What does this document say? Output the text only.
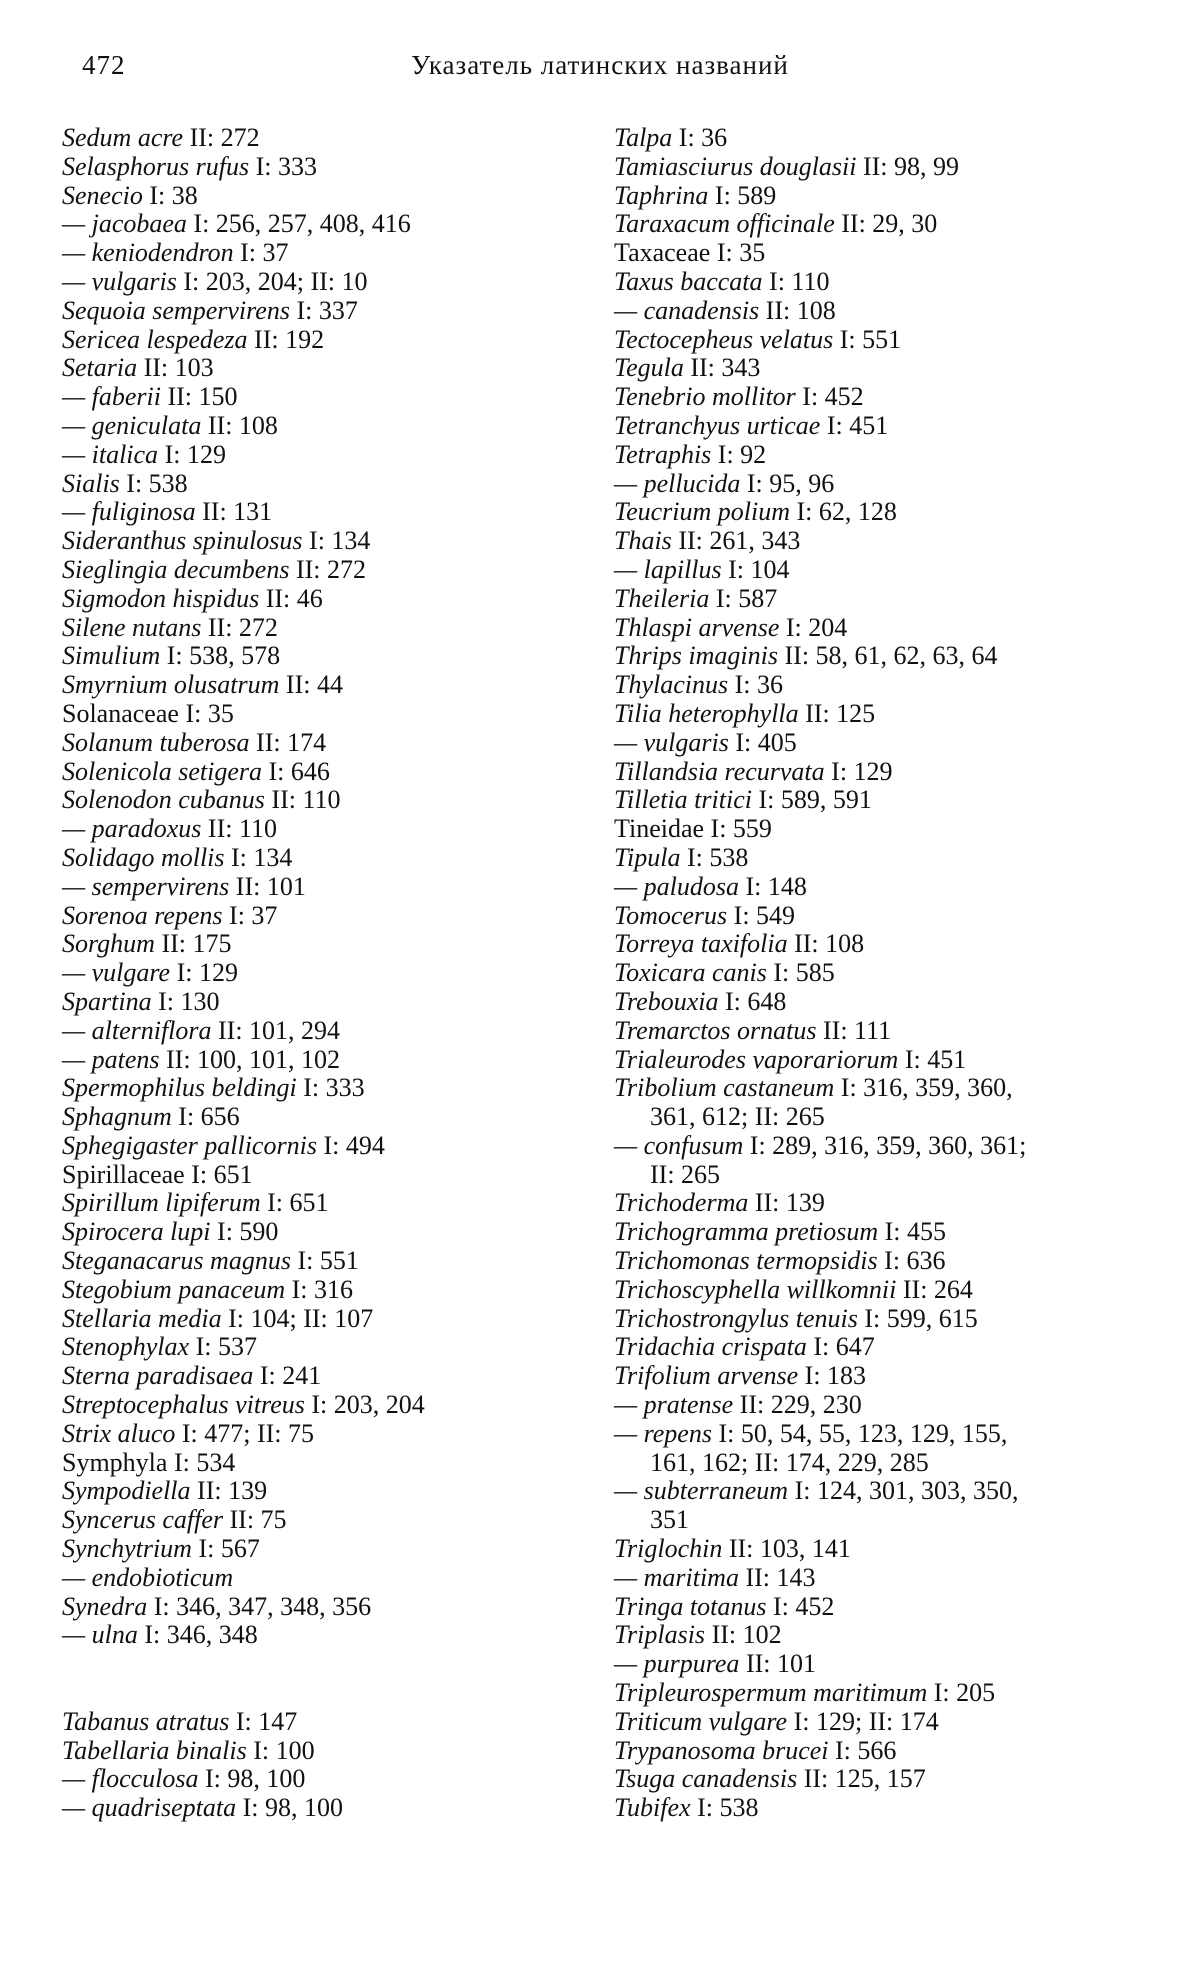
472	Указатель латинских названий
Sedum acre II: 272
Selasphorus rufus I: 333
Senecio I: 38
— jacobaea I: 256, 257, 408, 416
— keniodendron I: 37
— vulgaris I: 203, 204; II: 10
Sequoia sempervirens I: 337
Sericea lespedeza II: 192
Setaria II: 103
— faberii II: 150
— geniculata II: 108
— italica I: 129
Sialis I: 538
— fuliginosa II: 131
Sideranthus spinulosus I: 134
Sieglingia decumbens II: 272
Sigmodon hispidus II: 46
Silene nutans II: 272
Simulium I: 538, 578
Smyrnium olusatrum II: 44
Solanaceae I: 35
Solanum tuberosa II: 174
Solenicola setigera I: 646
Solenodon cubanus II: 110
— paradoxus II: 110
Solidago mollis I: 134
— sempervirens II: 101
Sorenoa repens I: 37
Sorghum II: 175
— vulgare I: 129
Spartina I: 130
— alterniflora II: 101, 294
— patens II: 100, 101, 102
Spermophilus beldingi I: 333
Sphagnum I: 656
Sphegigaster pallicornis I: 494
Spirillaceae I: 651
Spirillum lipiferum I: 651
Spirocera lupi I: 590
Steganacarus magnus I: 551
Stegobium panaceum I: 316
Stellaria media I: 104; II: 107
Stenophylax I: 537
Sterna paradisaea I: 241
Streptocephalus vitreus I: 203, 204
Strix aluco I: 477; II: 75
Symphyla I: 534
Sympodiella II: 139
Syncerus caffer II: 75
Synchytrium I: 567
— endobioticum
Synedra I: 346, 347, 348, 356
— ulna I: 346, 348
Tabanus atratus I: 147
Tabellaria binalis I: 100
— flocculosa I: 98, 100
— quadriseptata I: 98, 100
Talpa I: 36
Tamiasciurus douglasii II: 98, 99
Taphrina I: 589
Taraxacum officinale II: 29, 30
Taxaceae I: 35
Taxus baccata I: 110
— canadensis II: 108
Tectocepheus velatus I: 551
Tegula II: 343
Tenebrio mollitor I: 452
Tetranchyus urticae I: 451
Tetraphis I: 92
— pellucida I: 95, 96
Teucrium polium I: 62, 128
Thais II: 261, 343
— lapillus I: 104
Theileria I: 587
Thlaspi arvense I: 204
Thrips imaginis II: 58, 61, 62, 63, 64
Thylacinus I: 36
Tilia heterophylla II: 125
— vulgaris I: 405
Tillandsia recurvata I: 129
Tilletia tritici I: 589, 591
Tineidae I: 559
Tipula I: 538
— paludosa I: 148
Tomocerus I: 549
Torreya taxifolia II: 108
Toxicara canis I: 585
Trebouxia I: 648
Tremarctos ornatus II: 111
Trialeurodes vaporariorum I: 451
Tribolium castaneum I: 316, 359, 360,
361, 612; II: 265
— confusum I: 289, 316, 359, 360, 361;
II: 265
Trichoderma II: 139
Trichogramma pretiosum I: 455
Trichomonas termopsidis I: 636
Trichoscyphella willkomnii II: 264
Trichostrongylus tenuis I: 599, 615
Tridachia crispata I: 647
Trifolium arvense I: 183
— pratense II: 229, 230
— repens I: 50, 54, 55, 123, 129, 155,
161, 162; II: 174, 229, 285
— subterraneum I: 124, 301, 303, 350,
351
Triglochin II: 103, 141
— maritima II: 143
Tringa totanus I: 452
Triplasis II: 102
— purpurea II: 101
Tripleurospermum maritimum I: 205
Triticum vulgare I: 129; II: 174
Trypanosoma brucei I: 566
Tsuga canadensis II: 125, 157
Tubifex I: 538
